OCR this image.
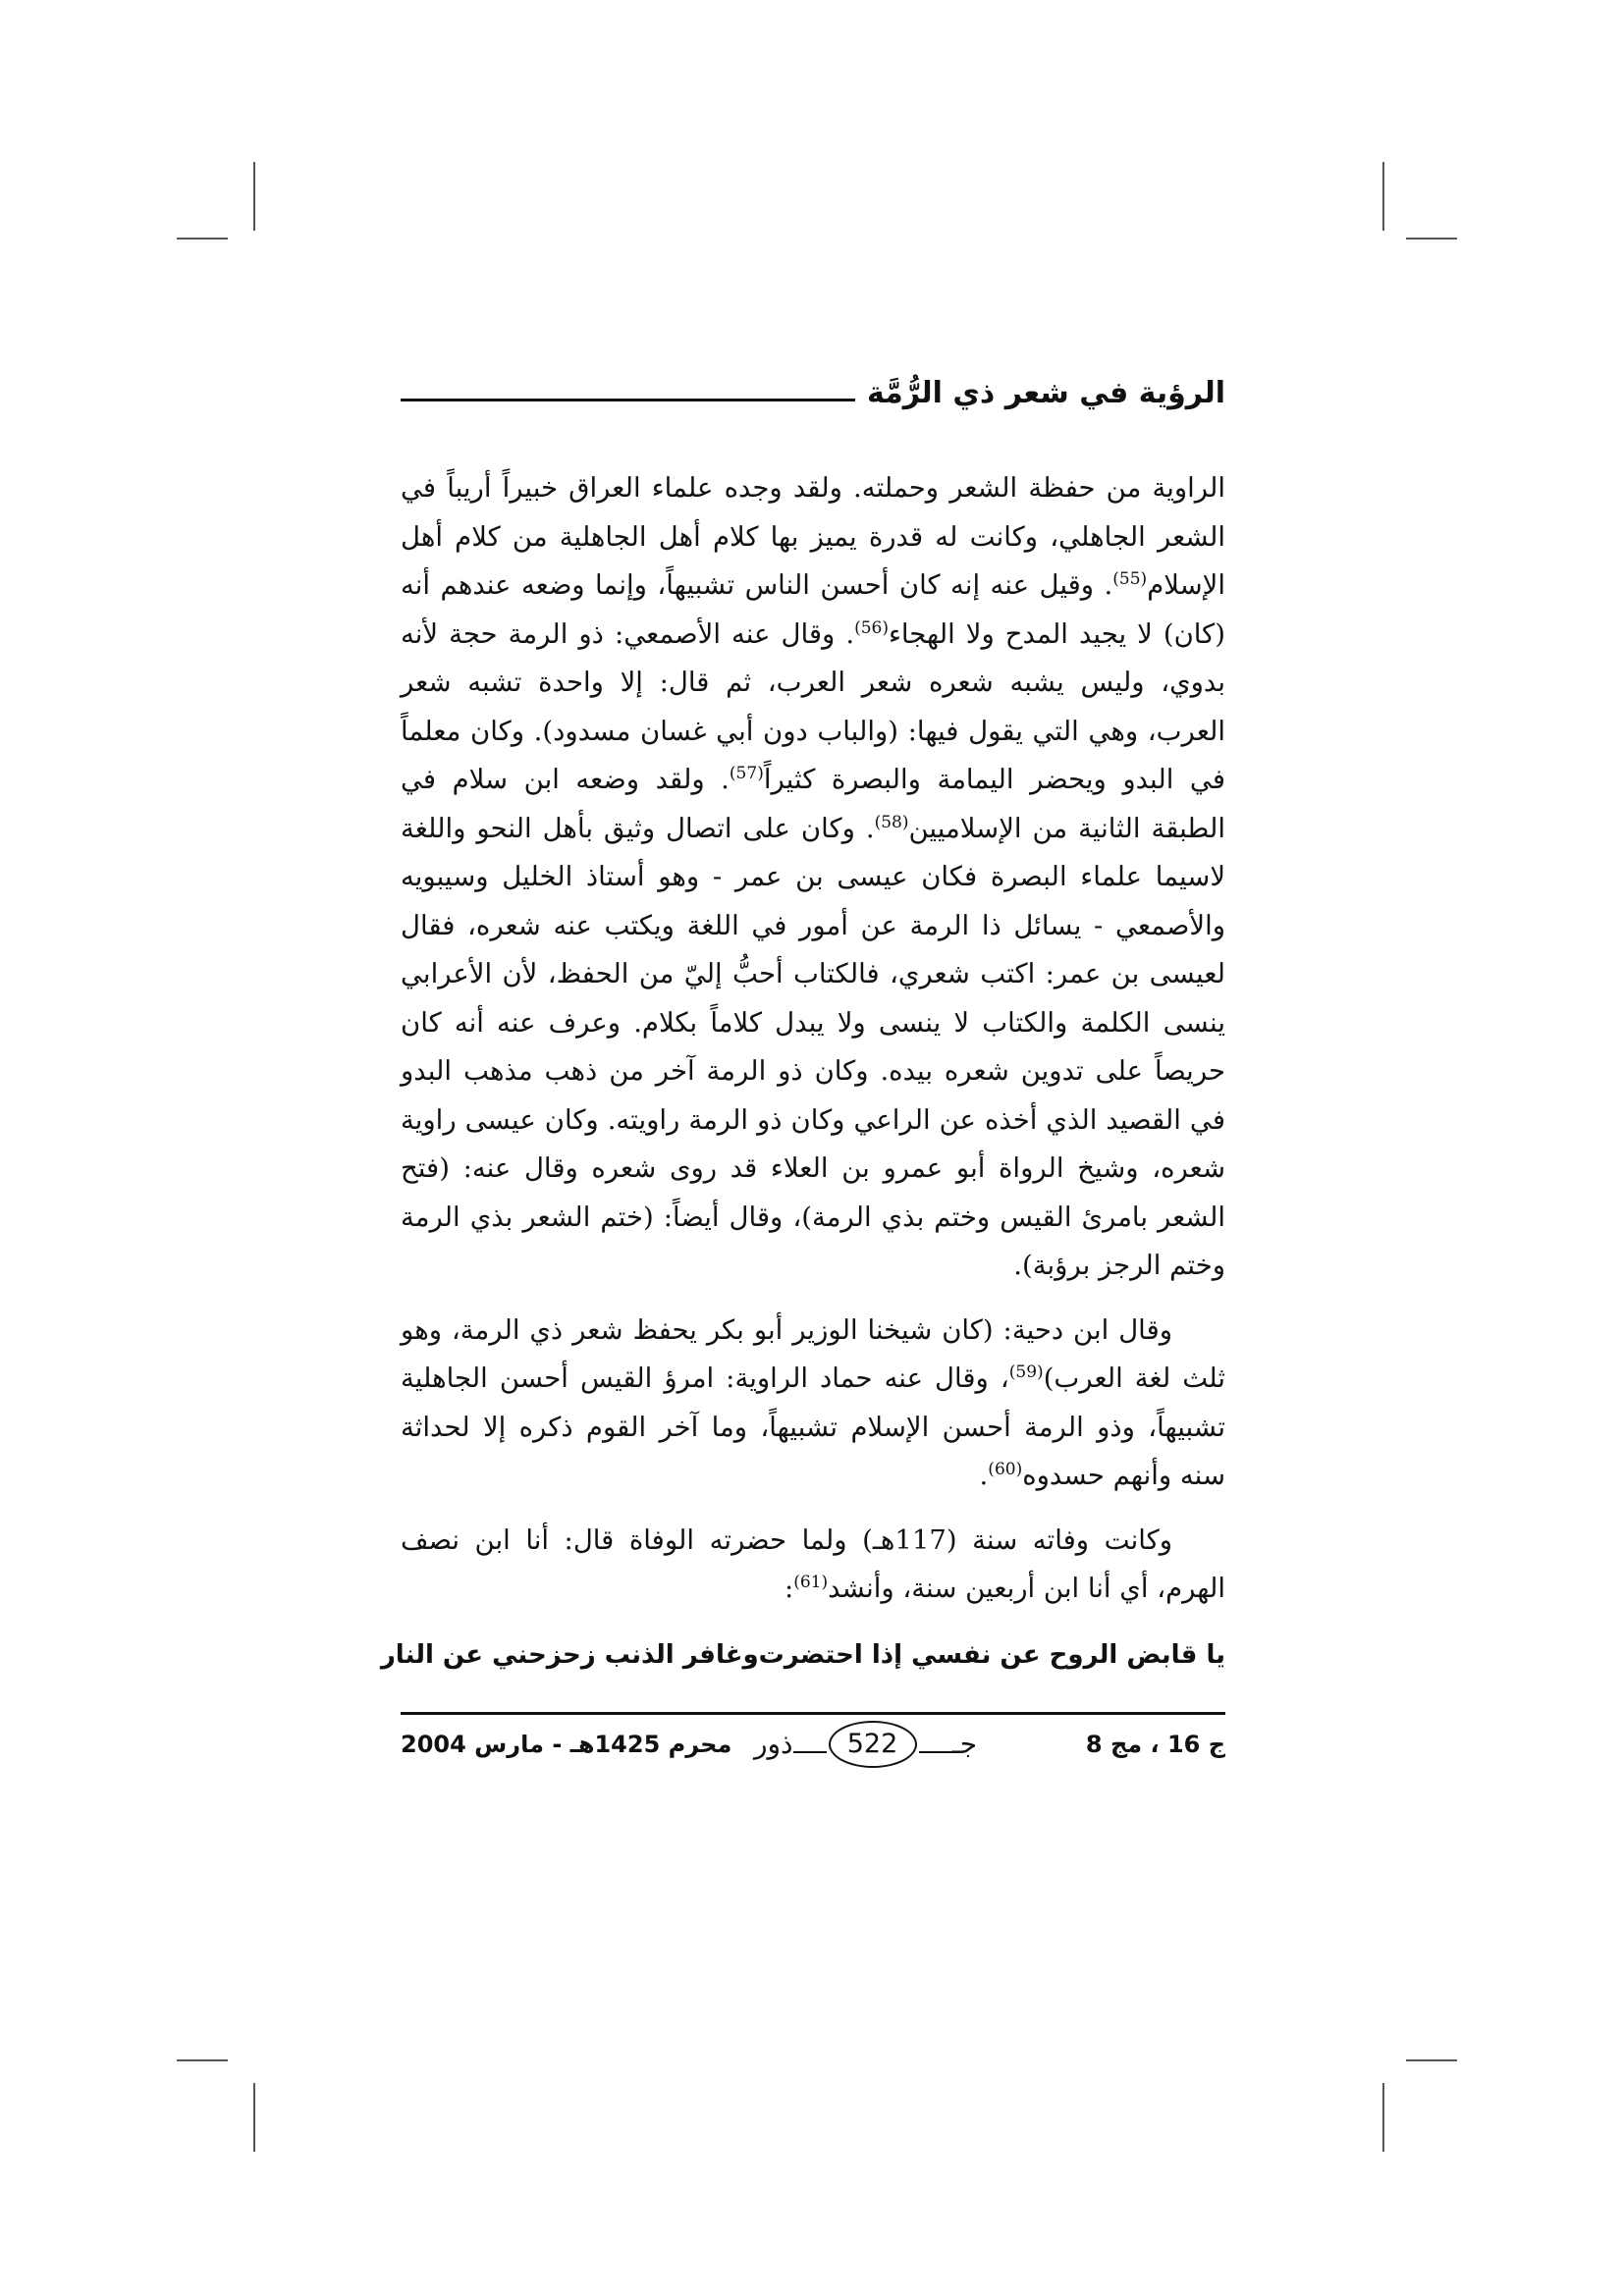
الرؤية في شعر ذي الرُّمَّة

الراوية من حفظة الشعر وحملته. ولقد وجده علماء العراق خبيراً أريباً في الشعر الجاهلي، وكانت له قدرة يميز بها كلام أهل الجاهلية من كلام أهل الإسلام$^{(55)}$. وقيل عنه إنه كان أحسن الناس تشبيهاً، وإنما وضعه عندهم أنه (كان) لا يجيد المدح ولا الهجاء$^{(56)}$. وقال عنه الأصمعي: ذو الرمة حجة لأنه بدوي، وليس يشبه شعره شعر العرب، ثم قال: إلا واحدة تشبه شعر العرب، وهي التي يقول فيها: (والباب دون أبي غسان مسدود). وكان معلماً في البدو ويحضر اليمامة والبصرة كثيراً$^{(57)}$. ولقد وضعه ابن سلام في الطبقة الثانية من الإسلاميين$^{(58)}$. وكان على اتصال وثيق بأهل النحو واللغة لاسيما علماء البصرة فكان عيسى بن عمر - وهو أستاذ الخليل وسيبويه والأصمعي - يسائل ذا الرمة عن أمور في اللغة ويكتب عنه شعره، فقال لعيسى بن عمر: اكتب شعري، فالكتاب أحبُّ إليّ من الحفظ، لأن الأعرابي ينسى الكلمة والكتاب لا ينسى ولا يبدل كلاماً بكلام. وعرف عنه أنه كان حريصاً على تدوين شعره بيده. وكان ذو الرمة آخر من ذهب مذهب البدو في القصيد الذي أخذه عن الراعي وكان ذو الرمة راويته. وكان عيسى راوية شعره، وشيخ الرواة أبو عمرو بن العلاء قد روى شعره وقال عنه: (فتح الشعر بامرئ القيس وختم بذي الرمة)، وقال أيضاً: (ختم الشعر بذي الرمة وختم الرجز برؤبة).

وقال ابن دحية: (كان شيخنا الوزير أبو بكر يحفظ شعر ذي الرمة، وهو ثلث لغة العرب)$^{(59)}$، وقال عنه حماد الراوية: امرؤ القيس أحسن الجاهلية تشبيهاً، وذو الرمة أحسن الإسلام تشبيهاً، وما آخر القوم ذكره إلا لحداثة سنه وأنهم حسدوه$^{(60)}$.

وكانت وفاته سنة (117هـ) ولما حضرته الوفاة قال: أنا ابن نصف الهرم، أي أنا ابن أربعين سنة، وأنشد$^{(61)}$:

يا قابض الروح عن نفسي إذا احتضرت
وغافر الذنب زحزحني عن النار
ج 16 ، مج 8
ذور	522	جـ
محرم 1425هـ - مارس 2004
